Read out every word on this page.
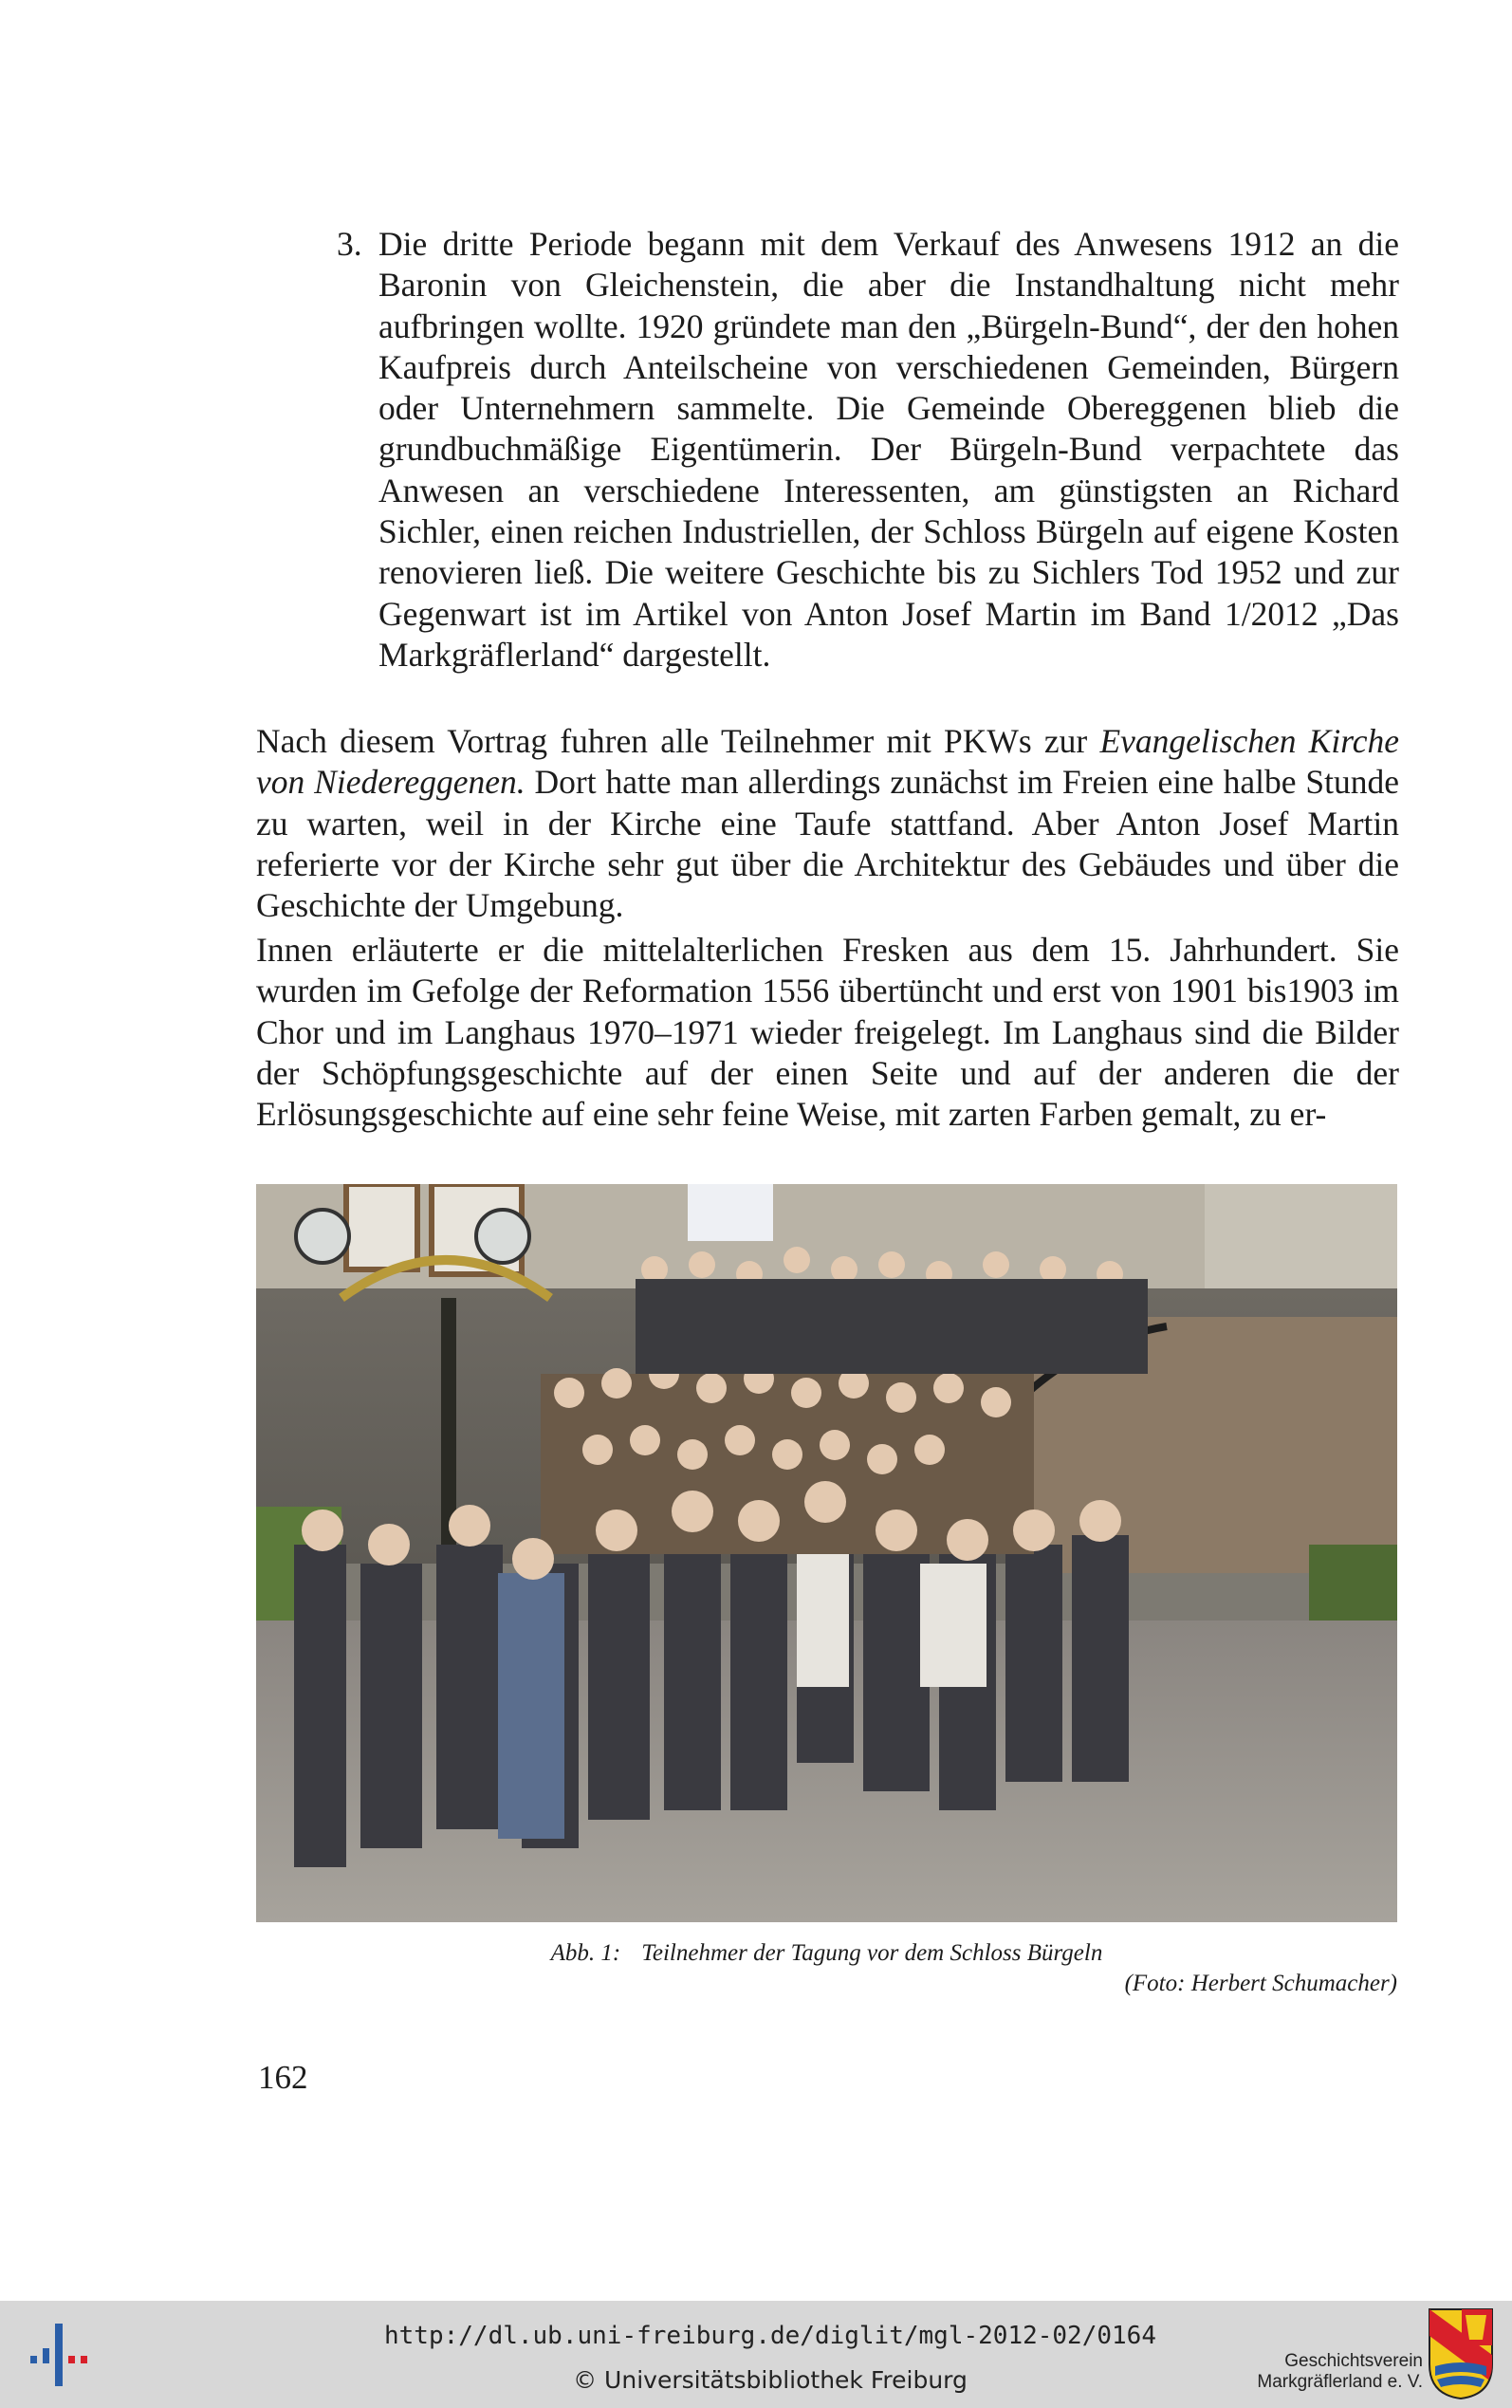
3. Die dritte Periode begann mit dem Verkauf des Anwesens 1912 an die Baronin von Gleichenstein, die aber die Instandhaltung nicht mehr aufbringen wollte. 1920 gründete man den „Bürgeln-Bund“, der den hohen Kaufpreis durch Anteilscheine von verschiedenen Gemeinden, Bürgern oder Unternehmern sammelte. Die Gemeinde Obereggenen blieb die grundbuchmäßige Eigentümerin. Der Bürgeln-Bund verpachtete das Anwesen an verschiedene Interessenten, am günstigsten an Richard Sichler, einen reichen Industriellen, der Schloss Bürgeln auf eigene Kosten renovieren ließ. Die weitere Geschichte bis zu Sichlers Tod 1952 und zur Gegenwart ist im Artikel von Anton Josef Martin im Band 1/2012 „Das Markgräflerland“ dargestellt.

Nach diesem Vortrag fuhren alle Teilnehmer mit PKWs zur Evangelischen Kirche von Niedereggenen. Dort hatte man allerdings zunächst im Freien eine halbe Stunde zu warten, weil in der Kirche eine Taufe stattfand. Aber Anton Josef Martin referierte vor der Kirche sehr gut über die Architektur des Gebäudes und über die Geschichte der Umgebung.

Innen erläuterte er die mittelalterlichen Fresken aus dem 15. Jahrhundert. Sie wurden im Gefolge der Reformation 1556 übertüncht und erst von 1901 bis1903 im Chor und im Langhaus 1970–1971 wieder freigelegt. Im Langhaus sind die Bilder der Schöpfungsgeschichte auf der einen Seite und auf der anderen die der Erlösungsgeschichte auf eine sehr feine Weise, mit zarten Farben gemalt, zu er-

Abb. 1: Teilnehmer der Tagung vor dem Schloss Bürgeln
(Foto: Herbert Schumacher)
162
http://dl.ub.uni-freiburg.de/diglit/mgl-2012-02/0164
© Universitätsbibliothek Freiburg
Geschichtsverein
Markgräflerland e. V.
